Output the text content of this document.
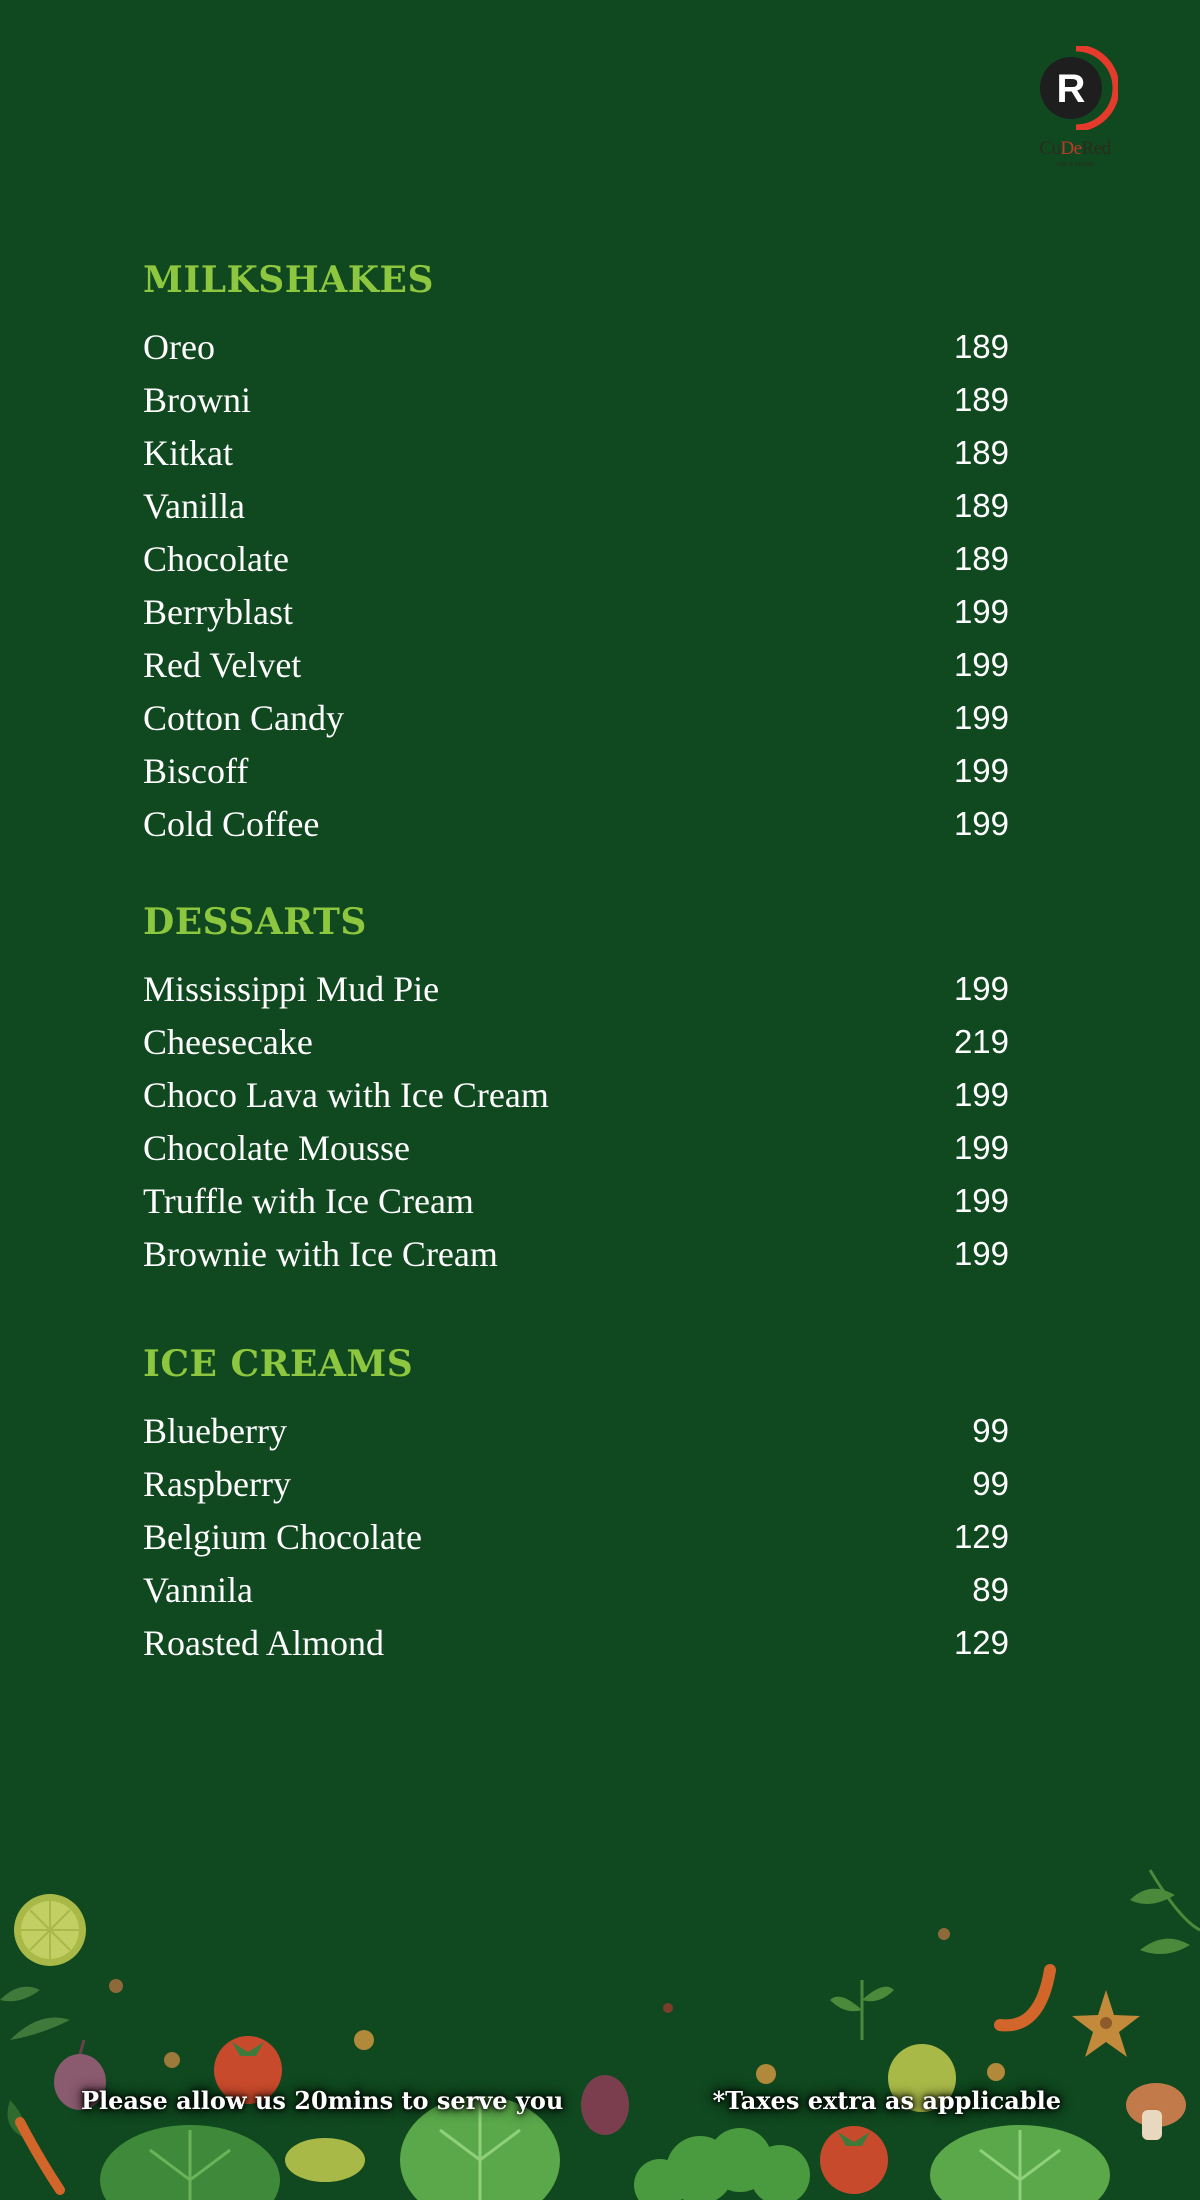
R
CuDeRed
cafe & kitchen
MILKSHAKES
Oreo	189
Browni	189
Kitkat	189
Vanilla	189
Chocolate	189
Berryblast	199
Red Velvet	199
Cotton Candy	199
Biscoff	199
Cold Coffee	199
DESSARTS
Mississippi Mud Pie	199
Cheesecake	219
Choco Lava with Ice Cream	199
Chocolate Mousse	199
Truffle with Ice Cream	199
Brownie with Ice Cream	199
ICE CREAMS
Blueberry	99
Raspberry	99
Belgium Chocolate	129
Vannila	89
Roasted Almond	129
Please allow us 20mins to serve you	*Taxes extra as applicable
